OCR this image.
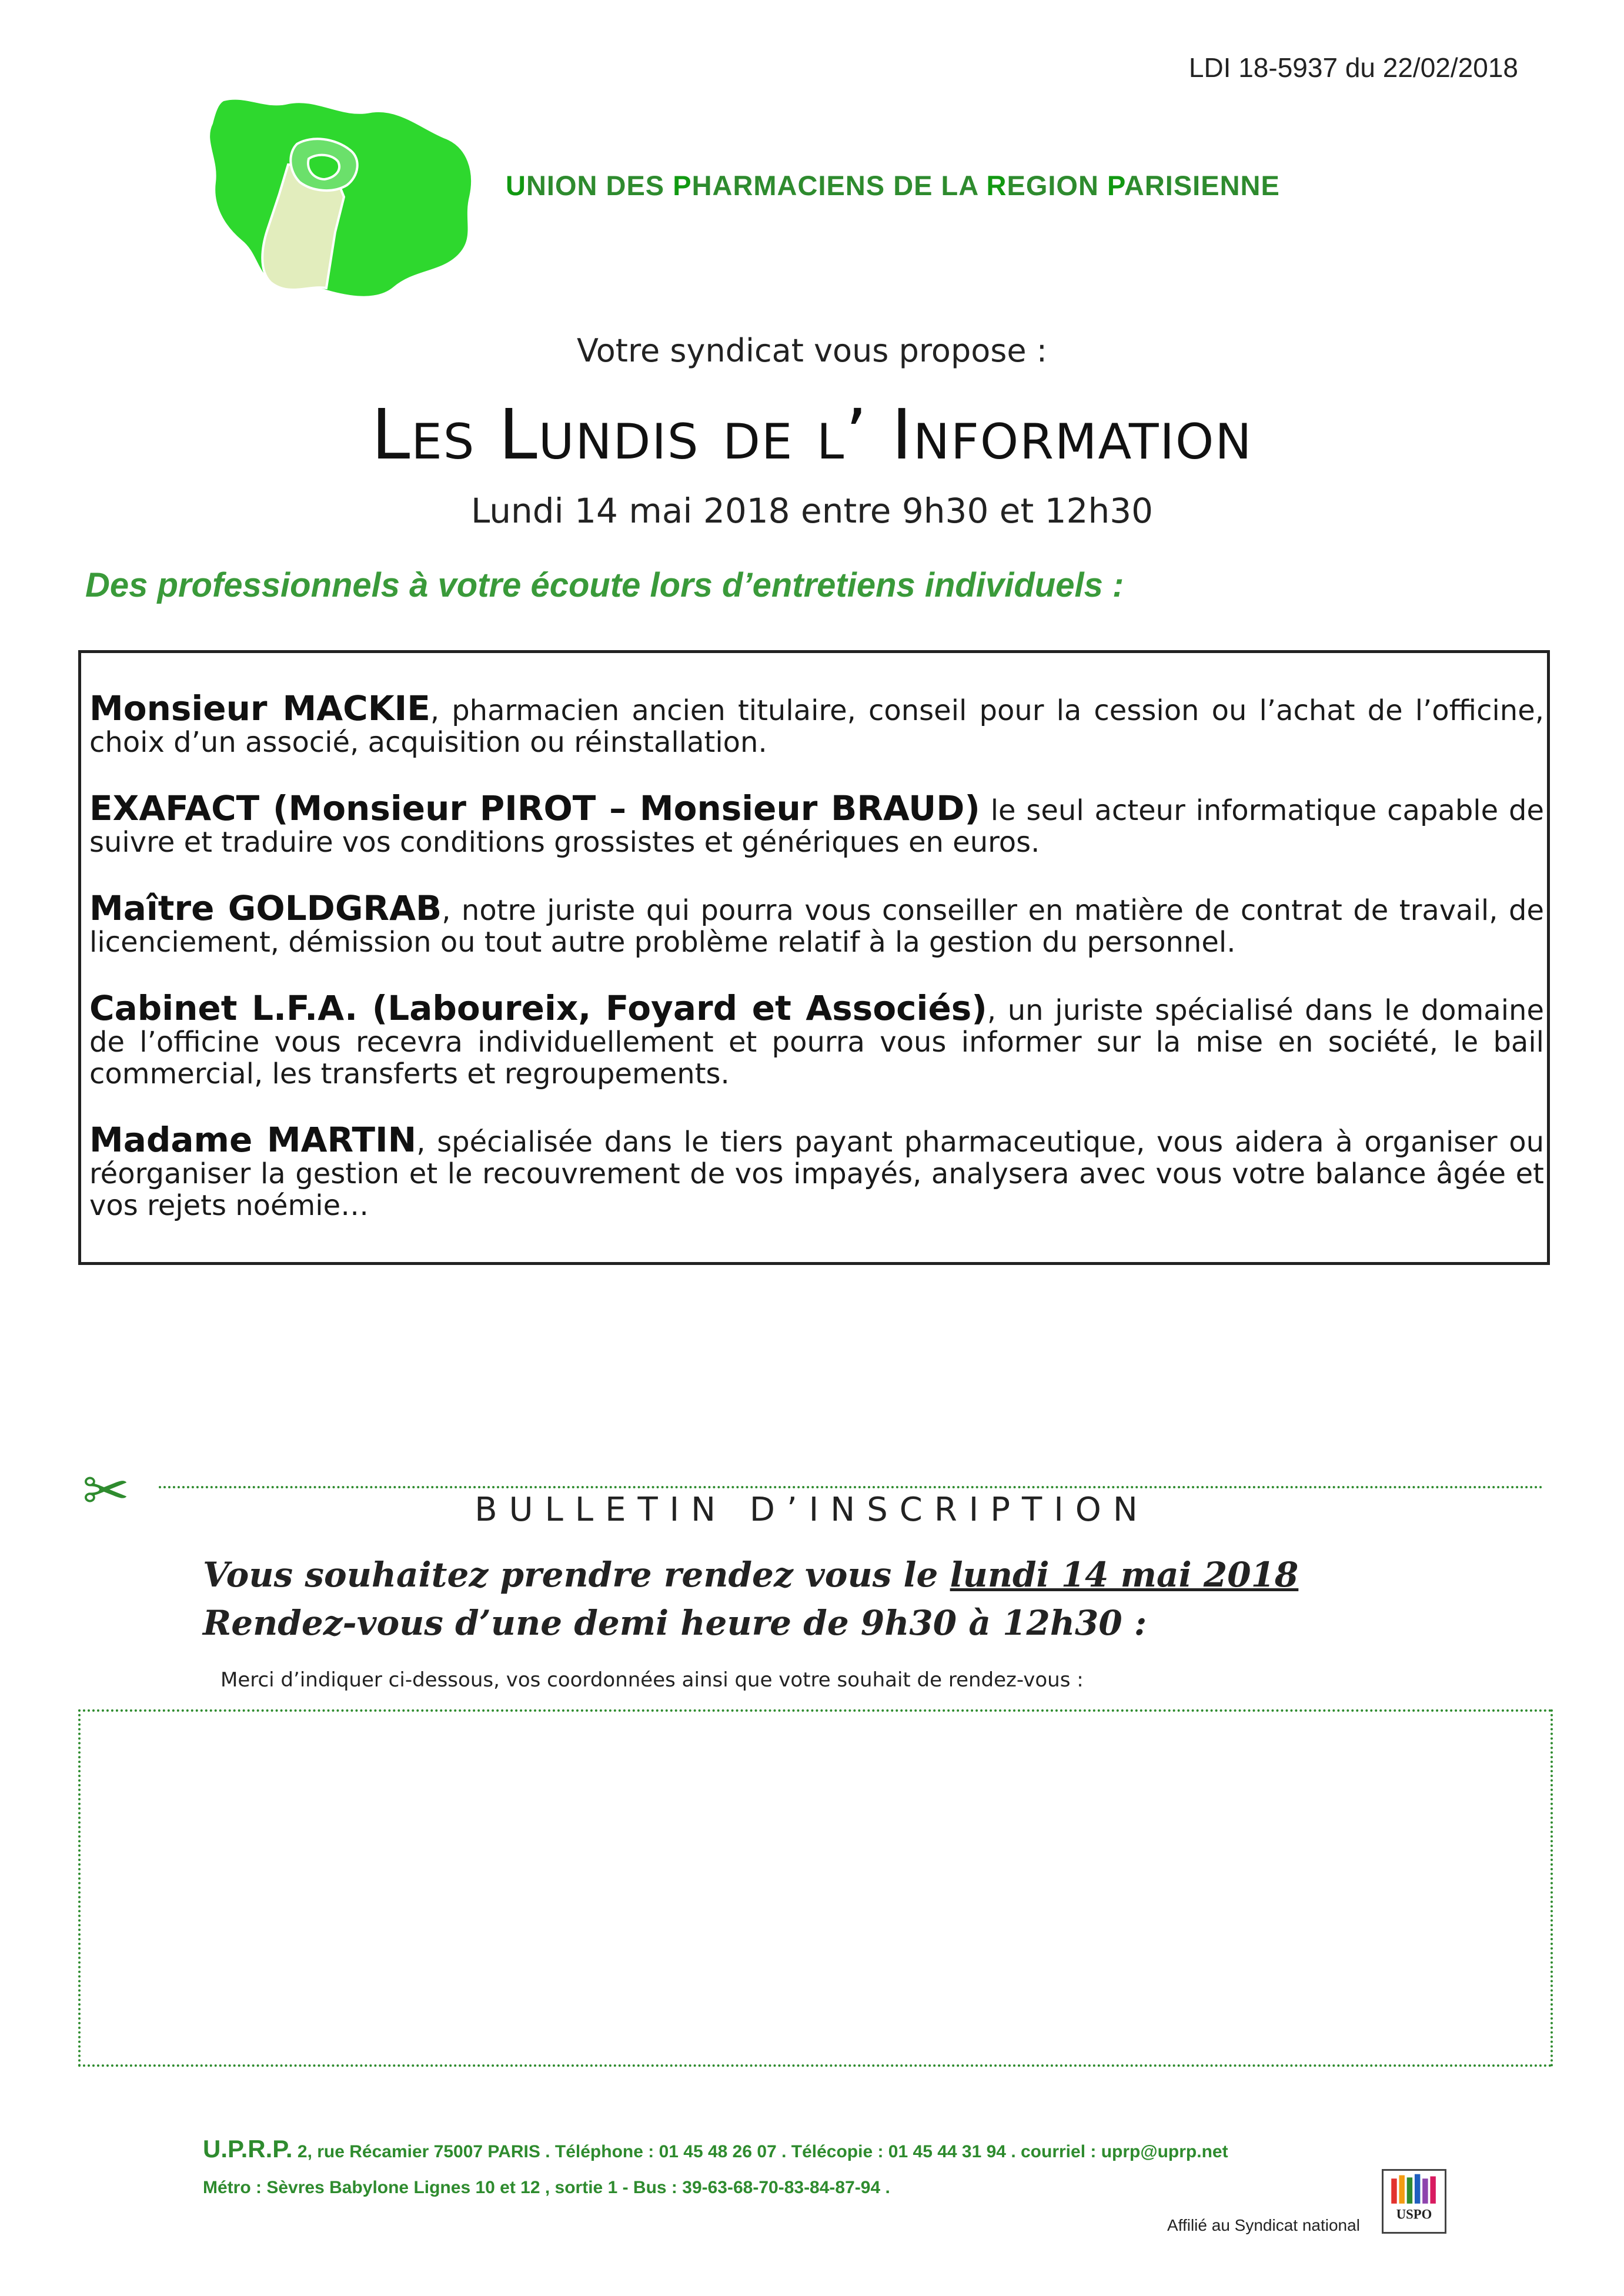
LDI 18-5937 du 22/02/2018
UNION DES PHARMACIENS DE LA REGION PARISIENNE
Votre syndicat vous propose :
Les Lundis de l’ Information
Lundi 14 mai 2018 entre 9h30 et 12h30
Des professionnels à votre écoute lors d’entretiens individuels :
Monsieur MACKIE, pharmacien ancien titulaire, conseil pour la cession ou l’achat de l’officine, choix d’un associé, acquisition ou réinstallation.
EXAFACT (Monsieur PIROT – Monsieur BRAUD) le seul acteur informatique capable de suivre et traduire vos conditions grossistes et génériques en euros.
Maître GOLDGRAB, notre juriste qui pourra vous conseiller en matière de contrat de travail, de licenciement, démission ou tout autre problème relatif à la gestion du personnel.
Cabinet L.F.A. (Laboureix, Foyard et Associés), un juriste spécialisé dans le domaine de l’officine vous recevra individuellement et pourra vous informer sur la mise en société, le bail commercial, les transferts et regroupements.
Madame MARTIN, spécialisée dans le tiers payant pharmaceutique, vous aidera à organiser ou réorganiser la gestion et le recouvrement de vos impayés, analysera avec vous votre balance âgée et vos rejets noémie…
✂	BULLETIN D’INSCRIPTION
Vous souhaitez prendre rendez vous le lundi 14 mai 2018
Rendez-vous d’une demi heure de 9h30 à 12h30 :
Merci d’indiquer ci-dessous, vos coordonnées ainsi que votre souhait de rendez-vous :
U.P.R.P. 2, rue Récamier 75007 PARIS . Téléphone : 01 45 48 26 07 . Télécopie : 01 45 44 31 94 . courriel : uprp@uprp.net
Métro : Sèvres Babylone Lignes 10 et 12 , sortie 1 - Bus : 39-63-68-70-83-84-87-94 .
Affilié au Syndicat national
USPO
